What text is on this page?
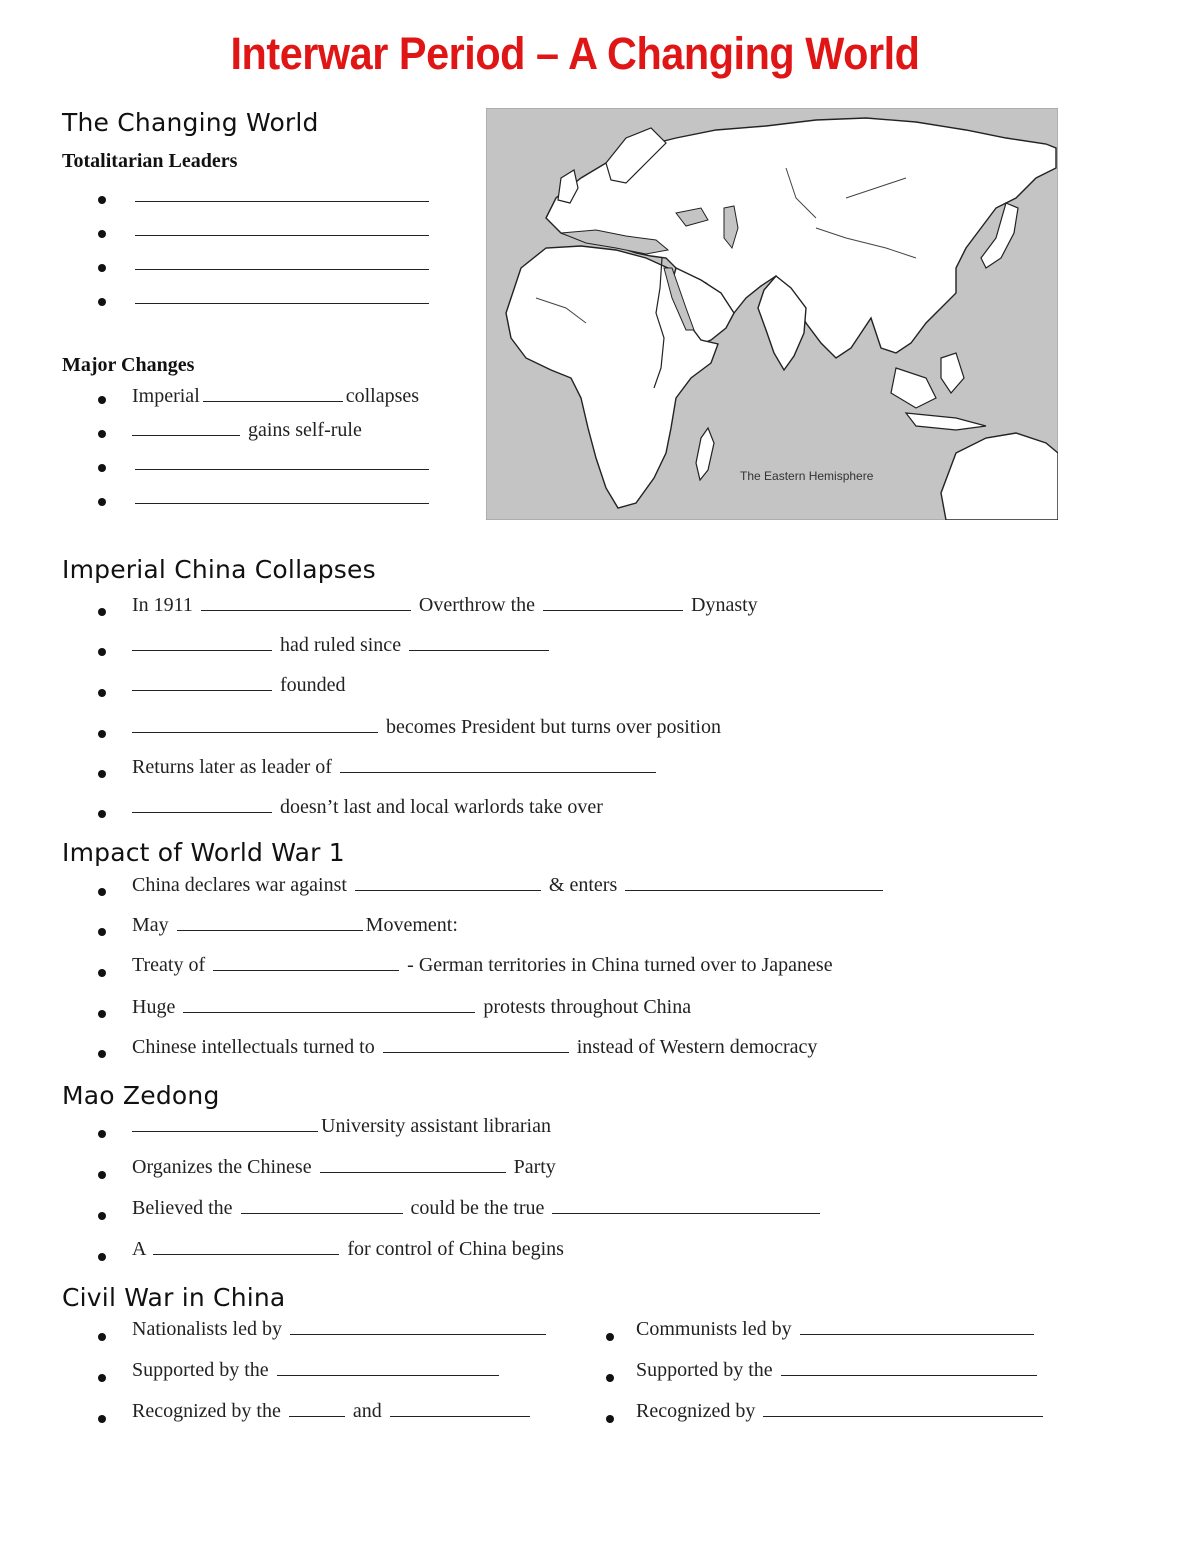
Interwar Period – A Changing World
The Changing World
Totalitarian Leaders
Major Changes
Imperial	collapses
gains self-rule
The Eastern Hemisphere
Imperial China Collapses
In 1911	Overthrow the	Dynasty
had ruled since
founded
becomes President but turns over position
Returns later as leader of
doesn’t last and local warlords take over
Impact of World War 1
China declares war against	& enters
May	Movement:
Treaty of	- German territories in China turned over to Japanese
Huge	protests throughout China
Chinese intellectuals turned to	instead of Western democracy
Mao Zedong
University assistant librarian
Organizes the Chinese	Party
Believed the	could be the true
A	for control of China begins
Civil War in China
Nationalists led by
Supported by the
Recognized by the	and
Communists led by
Supported by the
Recognized by
